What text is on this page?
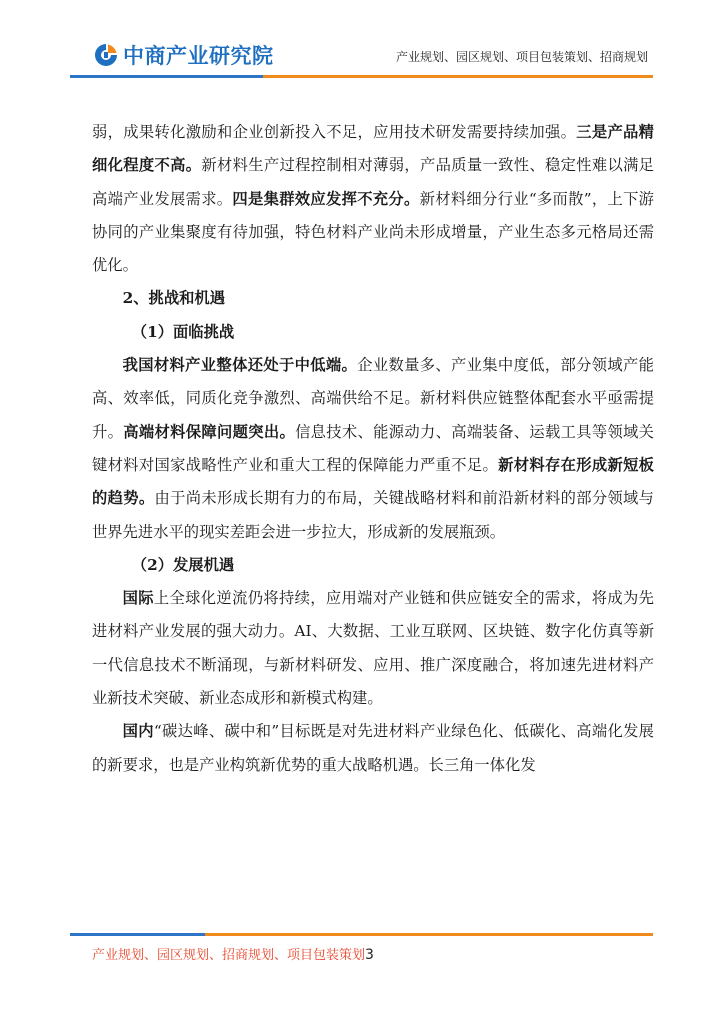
中商产业研究院	产业规划、园区规划、项目包装策划、招商规划

弱，成果转化激励和企业创新投入不足，应用技术研发需要持续加强。三是产品精细化程度不高。新材料生产过程控制相对薄弱，产品质量一致性、稳定性难以满足高端产业发展需求。四是集群效应发挥不充分。新材料细分行业“多而散”，上下游协同的产业集聚度有待加强，特色材料产业尚未形成增量，产业生态多元格局还需优化。

2、挑战和机遇

（1）面临挑战

我国材料产业整体还处于中低端。企业数量多、产业集中度低，部分领域产能高、效率低，同质化竞争激烈、高端供给不足。新材料供应链整体配套水平亟需提升。高端材料保障问题突出。信息技术、能源动力、高端装备、运载工具等领域关键材料对国家战略性产业和重大工程的保障能力严重不足。新材料存在形成新短板的趋势。由于尚未形成长期有力的布局，关键战略材料和前沿新材料的部分领域与世界先进水平的现实差距会进一步拉大，形成新的发展瓶颈。

（2）发展机遇

国际上全球化逆流仍将持续，应用端对产业链和供应链安全的需求，将成为先进材料产业发展的强大动力。AI、大数据、工业互联网、区块链、数字化仿真等新一代信息技术不断涌现，与新材料研发、应用、推广深度融合，将加速先进材料产业新技术突破、新业态成形和新模式构建。

国内“碳达峰、碳中和”目标既是对先进材料产业绿色化、低碳化、高端化发展的新要求，也是产业构筑新优势的重大战略机遇。长三角一体化发

产业规划、园区规划、招商规划、项目包装策划3
